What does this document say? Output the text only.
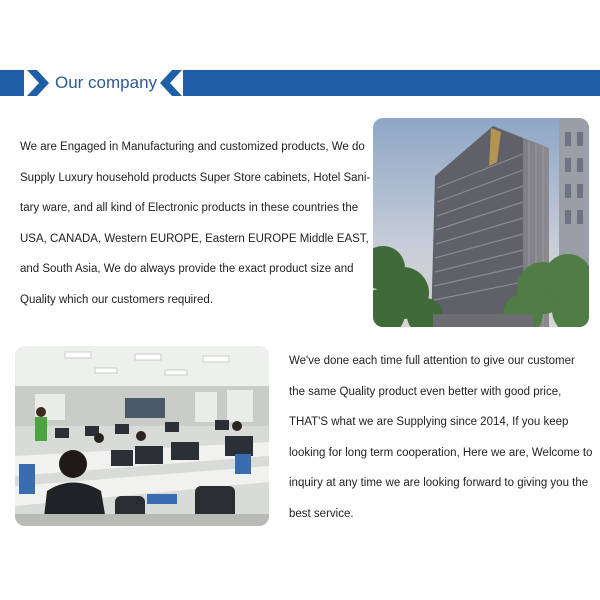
Our company

We are Engaged in Manufacturing and customized products, We do
Supply Luxury household products Super Store cabinets, Hotel Sani-
tary ware, and all kind of Electronic products in these countries the
USA, CANADA, Western EUROPE, Eastern EUROPE Middle EAST,
and South Asia, We do always provide the exact product size and
Quality which our customers required.

We've done each time full attention to give our customer
the same Quality product even better with good price,
THAT'S what we are Supplying since 2014, If you keep
looking for long term cooperation, Here we are, Welcome to
inquiry at any time we are looking forward to giving you the
best service.
